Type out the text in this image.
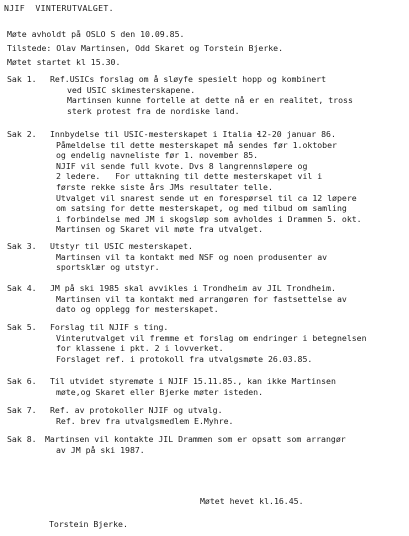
NJIF  VINTERUTVALGET.
Møte avholdt på OSLO S den 10.09.85.
Tilstede: Olav Martinsen, Odd Skaret og Torstein Bjerke.
Møtet startet kl 15.30.
Sak 1. Ref.USICs forslag om å sløyfe spesielt hopp og kombinert
ved USIC skimesterskapene.
Martinsen kunne fortelle at dette nå er en realitet, tross
sterk protest fra de nordiske land.
Sak 2. Innbydelse til USIC-mesterskapet i Italia 12-20 januar 86.
Påmeldelse til dette mesterskapet må sendes før 1.oktober
og endelig navneliste før 1. november 85.
NJIF vil sende full kvote. Dvs 8 langrennsløpere og
2 ledere.   For uttakning til dette mesterskapet vil i
første rekke siste års JMs resultater telle.
Utvalget vil snarest sende ut en forespørsel til ca 12 løpere
om satsing for dette mesterskapet, og med tilbud om samling
i forbindelse med JM i skogsløp som avholdes i Drammen 5. okt.
Martinsen og Skaret vil møte fra utvalget.
Sak 3. Utstyr til USIC mesterskapet.
Martinsen vil ta kontakt med NSF og noen produsenter av
sportsklær og utstyr.
Sak 4. JM på ski 1985 skal avvikles i Trondheim av JIL Trondheim.
Martinsen vil ta kontakt med arrangøren for fastsettelse av
dato og opplegg for mesterskapet.
Sak 5. Forslag til NJIF s ting.
Vinterutvalget vil fremme et forslag om endringer i betegnelsen
for klassene i pkt. 2 i lovverket.
Forslaget ref. i protokoll fra utvalgsmøte 26.03.85.
Sak 6. Til utvidet styremøte i NJIF 15.11.85., kan ikke Martinsen
møte,og Skaret eller Bjerke møter isteden.
Sak 7. Ref. av protokoller NJIF og utvalg.
Ref. brev fra utvalgsmedlem E.Myhre.
Sak 8. Martinsen vil kontakte JIL Drammen som er opsatt som arrangør
av JM på ski 1987.
Møtet hevet kl.16.45.
Torstein Bjerke.
